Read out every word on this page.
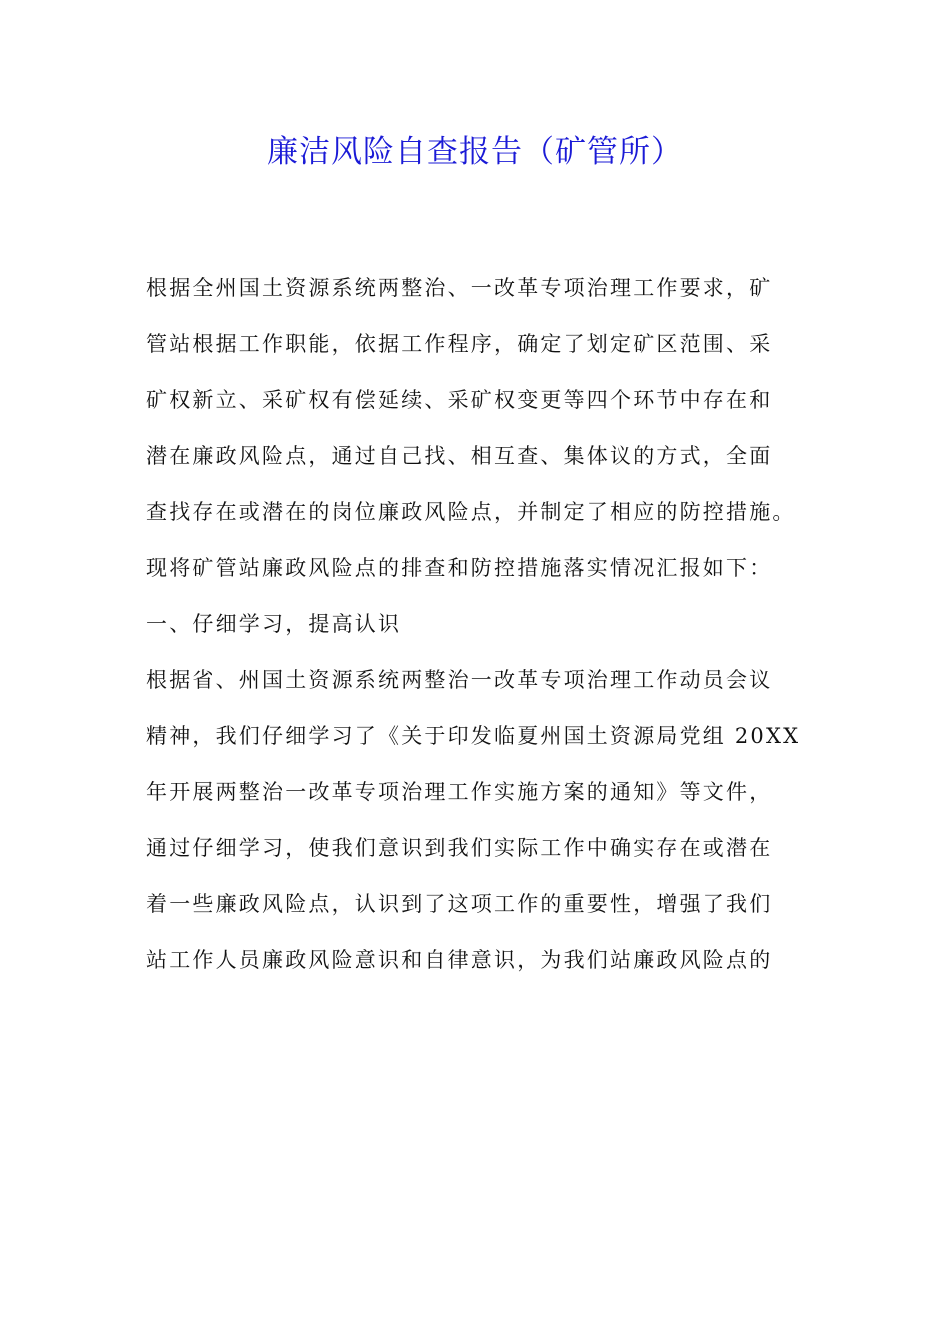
廉洁风险自查报告（矿管所）

根据全州国土资源系统两整治、一改革专项治理工作要求，矿

管站根据工作职能，依据工作程序，确定了划定矿区范围、采

矿权新立、采矿权有偿延续、采矿权变更等四个环节中存在和

潜在廉政风险点，通过自己找、相互查、集体议的方式，全面

查找存在或潜在的岗位廉政风险点，并制定了相应的防控措施。

现将矿管站廉政风险点的排查和防控措施落实情况汇报如下：

一、仔细学习，提高认识

根据省、州国土资源系统两整治一改革专项治理工作动员会议

精神，我们仔细学习了《关于印发临夏州国土资源局党组 20XX

年开展两整治一改革专项治理工作实施方案的通知》等文件，

通过仔细学习，使我们意识到我们实际工作中确实存在或潜在

着一些廉政风险点，认识到了这项工作的重要性，增强了我们

站工作人员廉政风险意识和自律意识，为我们站廉政风险点的
